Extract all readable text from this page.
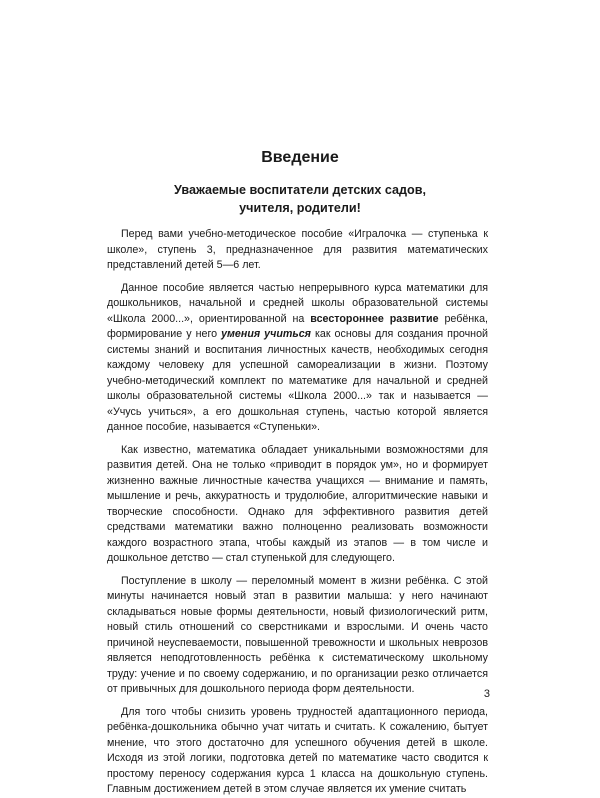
Введение
Уважаемые воспитатели детских садов,
учителя, родители!

Перед вами учебно-методическое пособие «Игралочка — ступенька к школе», ступень 3, предназначенное для развития математических представлений детей 5—6 лет.

Данное пособие является частью непрерывного курса математики для дошкольников, начальной и средней школы образовательной системы «Школа 2000...», ориентированной на всестороннее развитие ребёнка, формирование у него умения учиться как основы для создания прочной системы знаний и воспитания личностных качеств, необходимых сегодня каждому человеку для успешной самореализации в жизни. Поэтому учебно-методический комплект по математике для начальной и средней школы образовательной системы «Школа 2000...» так и называется — «Учусь учиться», а его дошкольная ступень, частью которой является данное пособие, называется «Ступеньки».

Как известно, математика обладает уникальными возможностями для развития детей. Она не только «приводит в порядок ум», но и формирует жизненно важные личностные качества учащихся — внимание и память, мышление и речь, аккуратность и трудолюбие, алгоритмические навыки и творческие способности. Однако для эффективного развития детей средствами математики важно полноценно реализовать возможности каждого возрастного этапа, чтобы каждый из этапов — в том числе и дошкольное детство — стал ступенькой для следующего.

Поступление в школу — переломный момент в жизни ребёнка. С этой минуты начинается новый этап в развитии малыша: у него начинают складываться новые формы деятельности, новый физиологический ритм, новый стиль отношений со сверстниками и взрослыми. И очень часто причиной неуспеваемости, повышенной тревожности и школьных неврозов является неподготовленность ребёнка к систематическому школьному труду: учение и по своему содержанию, и по организации резко отличается от привычных для дошкольного периода форм деятельности.

Для того чтобы снизить уровень трудностей адаптационного периода, ребёнка-дошкольника обычно учат читать и считать. К сожалению, бытует мнение, что этого достаточно для успешного обучения детей в школе. Исходя из этой логики, подготовка детей по математике часто сводится к простому переносу содержания курса 1 класса на дошкольную ступень. Главным достижением детей в этом случае является их умение считать

3
